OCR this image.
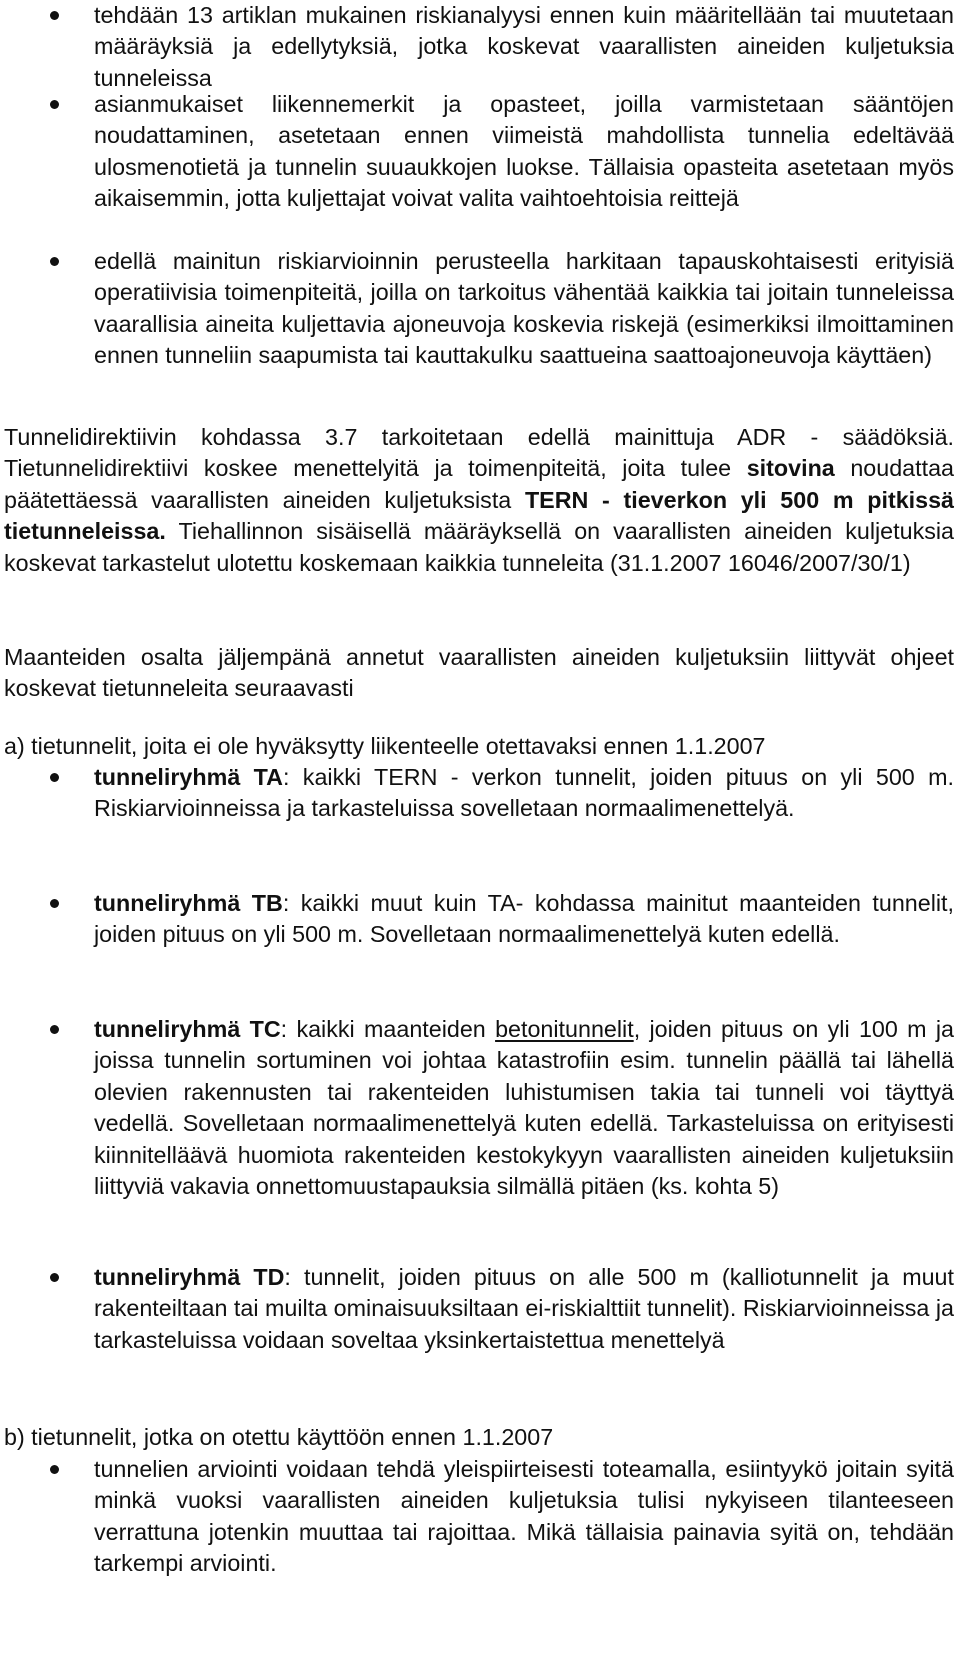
tehdään 13 artiklan mukainen riskianalyysi ennen kuin määritellään tai muutetaan määräyksiä ja edellytyksiä, jotka koskevat vaarallisten aineiden kuljetuksia tunneleissa

asianmukaiset liikennemerkit ja opasteet, joilla varmistetaan sääntöjen noudattaminen, asetetaan ennen viimeistä mahdollista tunnelia edeltävää ulosmenotietä ja tunnelin suuaukkojen luokse. Tällaisia opasteita asetetaan myös aikaisemmin, jotta kuljettajat voivat valita vaihtoehtoisia reittejä

edellä mainitun riskiarvioinnin perusteella harkitaan tapauskohtaisesti erityisiä operatiivisia toimenpiteitä, joilla on tarkoitus vähentää kaikkia tai joitain tunneleissa vaarallisia aineita kuljettavia ajoneuvoja koskevia riskejä (esimerkiksi ilmoittaminen ennen tunneliin saapumista tai kauttakulku saattueina saattoajoneuvoja käyttäen)

Tunnelidirektiivin kohdassa 3.7 tarkoitetaan edellä mainittuja ADR - säädöksiä. Tietunnelidirektiivi koskee menettelyitä ja toimenpiteitä, joita tulee sitovina noudattaa päätettäessä vaarallisten aineiden kuljetuksista TERN - tieverkon yli 500 m pitkissä tietunneleissa. Tiehallinnon sisäisellä määräyksellä on vaarallisten aineiden kuljetuksia koskevat tarkastelut ulotettu koskemaan kaikkia tunneleita (31.1.2007 16046/2007/30/1)

Maanteiden osalta jäljempänä annetut vaarallisten aineiden kuljetuksiin liittyvät ohjeet koskevat tietunneleita seuraavasti

a) tietunnelit, joita ei ole hyväksytty liikenteelle otettavaksi ennen 1.1.2007

tunneliryhmä TA: kaikki TERN - verkon tunnelit, joiden pituus on yli 500 m. Riskiarvioinneissa ja tarkasteluissa sovelletaan normaalimenettelyä.

tunneliryhmä TB: kaikki muut kuin TA- kohdassa mainitut maanteiden tunnelit, joiden pituus on yli 500 m. Sovelletaan normaalimenettelyä kuten edellä.

tunneliryhmä TC: kaikki maanteiden betonitunnelit, joiden pituus on yli 100 m ja joissa tunnelin sortuminen voi johtaa katastrofiin esim. tunnelin päällä tai lähellä olevien rakennusten tai rakenteiden luhistumisen takia tai tunneli voi täyttyä vedellä. Sovelletaan normaalimenettelyä kuten edellä. Tarkasteluissa on erityisesti kiinnitelläävä huomiota rakenteiden kestokykyyn vaarallisten aineiden kuljetuksiin liittyviä vakavia onnettomuustapauksia silmällä pitäen (ks. kohta 5)

tunneliryhmä TD: tunnelit, joiden pituus on alle 500 m (kalliotunnelit ja muut rakenteiltaan tai muilta ominaisuuksiltaan ei-riskialttiit tunnelit). Riskiarvioinneissa ja tarkasteluissa voidaan soveltaa yksinkertaistettua menettelyä

b) tietunnelit, jotka on otettu käyttöön ennen 1.1.2007

tunnelien arviointi voidaan tehdä yleispiirteisesti toteamalla, esiintyykö joitain syitä minkä vuoksi vaarallisten aineiden kuljetuksia tulisi nykyiseen tilanteeseen verrattuna jotenkin muuttaa tai rajoittaa. Mikä tällaisia painavia syitä on, tehdään tarkempi arviointi.
